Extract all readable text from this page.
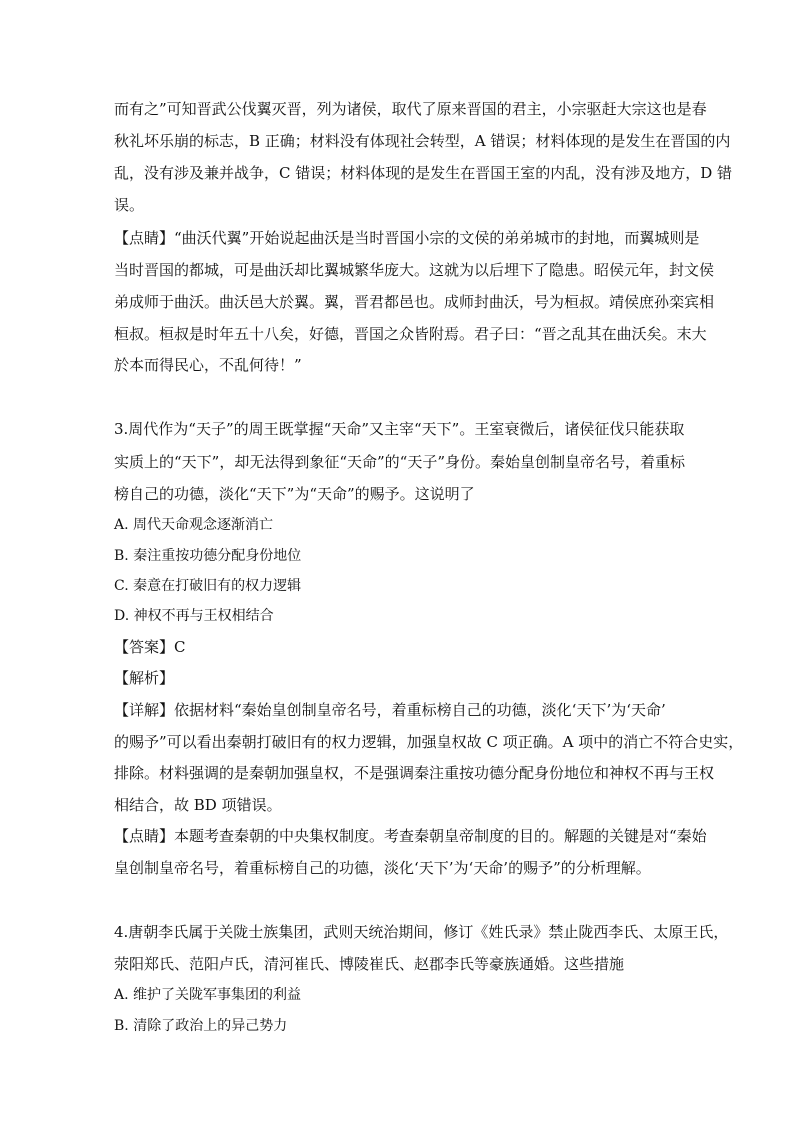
而有之”可知晋武公伐翼灭晋，列为诸侯，取代了原来晋国的君主，小宗驱赶大宗这也是春
秋礼坏乐崩的标志，B 正确；材料没有体现社会转型，A 错误；材料体现的是发生在晋国的内
乱，没有涉及兼并战争，C 错误；材料体现的是发生在晋国王室的内乱，没有涉及地方，D 错
误。
【点睛】“曲沃代翼”开始说起曲沃是当时晋国小宗的文侯的弟弟城市的封地，而翼城则是
当时晋国的都城，可是曲沃却比翼城繁华庞大。这就为以后埋下了隐患。昭侯元年，封文侯
弟成师于曲沃。曲沃邑大於翼。翼，晋君都邑也。成师封曲沃，号为桓叔。靖侯庶孙栾宾相
桓叔。桓叔是时年五十八矣，好德，晋国之众皆附焉。君子曰：“晋之乱其在曲沃矣。末大
於本而得民心，不乱何待！”
3.周代作为“天子”的周王既掌握“天命”又主宰“天下”。王室衰微后，诸侯征伐只能获取
实质上的“天下”，却无法得到象征“天命”的“天子”身份。秦始皇创制皇帝名号，着重标
榜自己的功德，淡化“天下”为“天命”的赐予。这说明了
A. 周代天命观念逐渐消亡
B. 秦注重按功德分配身份地位
C. 秦意在打破旧有的权力逻辑
D. 神权不再与王权相结合
【答案】C
【解析】
【详解】依据材料“秦始皇创制皇帝名号，着重标榜自己的功德，淡化‘天下’为‘天命’
的赐予”可以看出秦朝打破旧有的权力逻辑，加强皇权故 C 项正确。A 项中的消亡不符合史实，
排除。材料强调的是秦朝加强皇权，不是强调秦注重按功德分配身份地位和神权不再与王权
相结合，故 BD 项错误。
【点睛】本题考查秦朝的中央集权制度。考查秦朝皇帝制度的目的。解题的关键是对“秦始
皇创制皇帝名号，着重标榜自己的功德，淡化‘天下’为‘天命’的赐予”的分析理解。
4.唐朝李氏属于关陇士族集团，武则天统治期间，修订《姓氏录》禁止陇西李氏、太原王氏，
荥阳郑氏、范阳卢氏，清河崔氏、博陵崔氏、赵郡李氏等豪族通婚。这些措施
A. 维护了关陇军事集团的利益
B. 清除了政治上的异己势力
